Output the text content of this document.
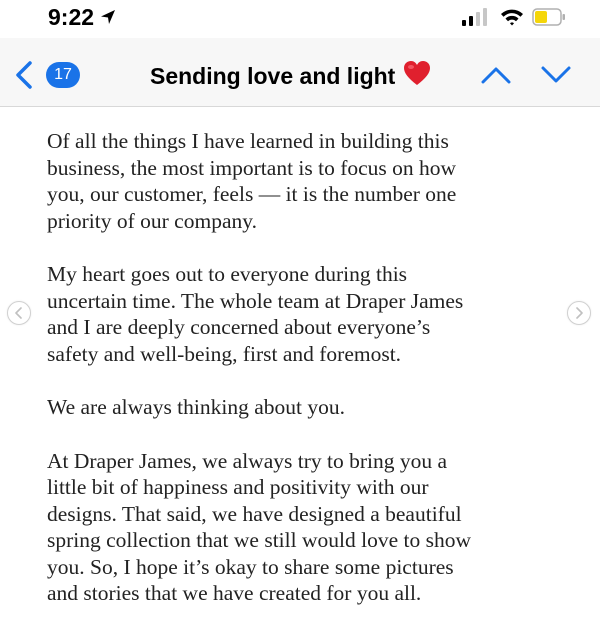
9:22
17	Sending love and light

Of all the things I have learned in building this
business, the most important is to focus on how
you, our customer, feels — it is the number one
priority of our company.

My heart goes out to everyone during this
uncertain time. The whole team at Draper James
and I are deeply concerned about everyone’s
safety and well-being, first and foremost.

We are always thinking about you.

At Draper James, we always try to bring you a
little bit of happiness and positivity with our
designs. That said, we have designed a beautiful
spring collection that we still would love to show
you. So, I hope it’s okay to share some pictures
and stories that we have created for you all.
